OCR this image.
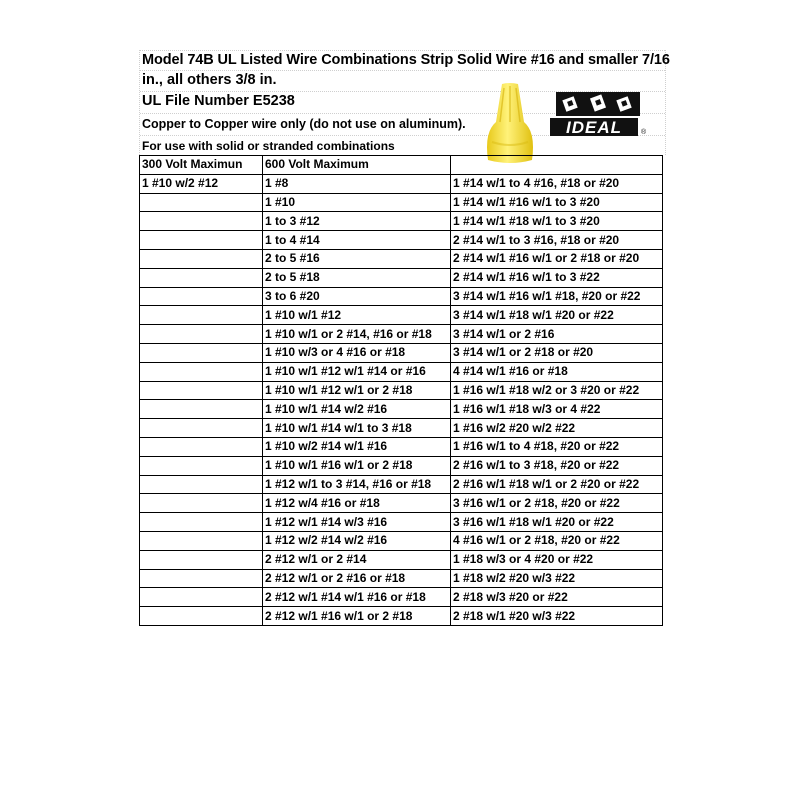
Model 74B UL Listed Wire Combinations Strip Solid Wire #16 and smaller 7/16
in., all others 3/8 in.
UL File Number E5238
Copper to Copper wire only (do not use on aluminum).
For use with solid or stranded combinations
IDEAL	®
300 Volt Maximun	600 Volt Maximum	
1 #10 w/2 #12	1 #8	1 #14 w/1 to 4 #16, #18 or #20
	1 #10	1 #14 w/1 #16 w/1 to 3 #20
	1 to 3 #12	1 #14 w/1 #18 w/1 to 3 #20
	1 to 4 #14	2 #14 w/1 to 3 #16, #18 or #20
	2 to 5 #16	2 #14 w/1 #16 w/1 or 2 #18 or #20
	2 to 5 #18	2 #14 w/1 #16 w/1 to 3 #22
	3 to 6 #20	3 #14 w/1 #16 w/1 #18, #20 or #22
	1 #10 w/1 #12	3 #14 w/1 #18 w/1 #20 or #22
	1 #10 w/1 or 2 #14, #16 or #18	3 #14 w/1 or 2 #16
	1 #10 w/3 or 4 #16 or #18	3 #14 w/1 or 2 #18 or #20
	1 #10 w/1 #12 w/1 #14 or #16	4 #14 w/1 #16 or #18
	1 #10 w/1 #12 w/1 or 2 #18	1 #16 w/1 #18 w/2 or 3 #20 or #22
	1 #10 w/1 #14 w/2 #16	1 #16 w/1 #18 w/3 or 4 #22
	1 #10 w/1 #14 w/1 to 3 #18	1 #16 w/2 #20 w/2 #22
	1 #10 w/2 #14 w/1 #16	1 #16 w/1 to 4 #18, #20 or #22
	1 #10 w/1 #16 w/1 or 2 #18	2 #16 w/1 to 3 #18, #20 or #22
	1 #12 w/1 to 3 #14, #16 or #18	2 #16 w/1 #18 w/1 or 2 #20 or #22
	1 #12 w/4 #16 or #18	3 #16 w/1 or 2 #18, #20 or #22
	1 #12 w/1 #14 w/3 #16	3 #16 w/1 #18 w/1 #20 or #22
	1 #12 w/2 #14 w/2 #16	4 #16 w/1 or 2 #18, #20 or #22
	2 #12 w/1 or 2 #14	1 #18 w/3 or 4 #20 or #22
	2 #12 w/1 or 2 #16 or #18	1 #18 w/2 #20 w/3 #22
	2 #12 w/1 #14 w/1 #16 or #18	2 #18 w/3 #20 or #22
	2 #12 w/1 #16 w/1 or 2 #18	2 #18 w/1 #20 w/3 #22
